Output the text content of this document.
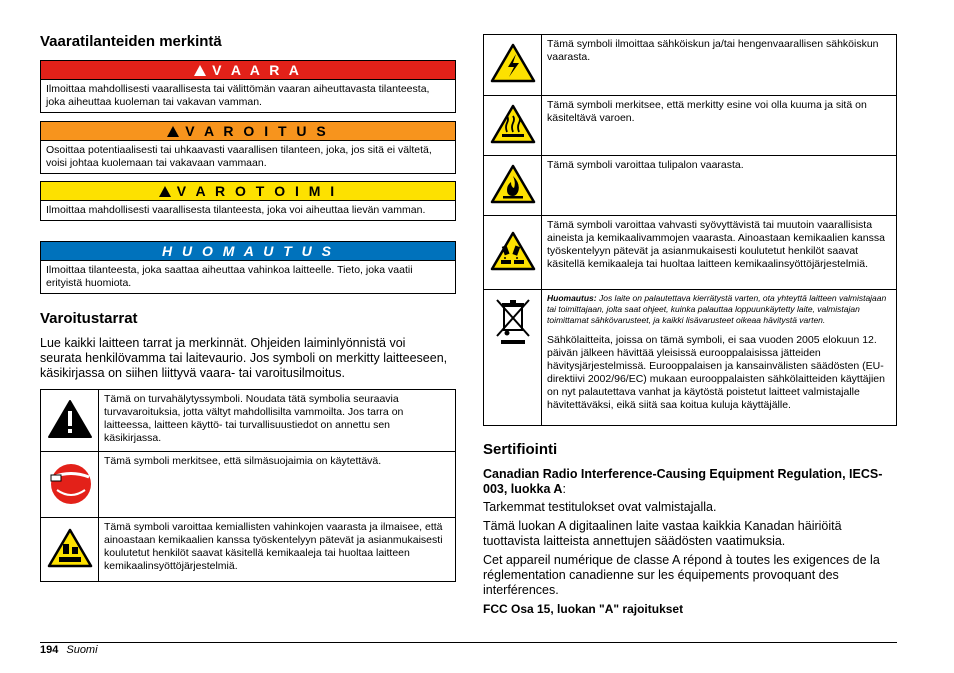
Vaaratilanteiden merkintä
V A A R A
Ilmoittaa mahdollisesti vaarallisesta tai välittömän vaaran aiheuttavasta tilanteesta, joka aiheuttaa kuoleman tai vakavan vamman.
V A R O I T U S
Osoittaa potentiaalisesti tai uhkaavasti vaarallisen tilanteen, joka, jos sitä ei vältetä, voisi johtaa kuolemaan tai vakavaan vammaan.
V A R O T O I M I
Ilmoittaa mahdollisesti vaarallisesta tilanteesta, joka voi aiheuttaa lievän vamman.
H U O M A U T U S
Ilmoittaa tilanteesta, joka saattaa aiheuttaa vahinkoa laitteelle. Tieto, joka vaatii erityistä huomiota.
Varoitustarrat

Lue kaikki laitteen tarrat ja merkinnät. Ohjeiden laiminlyönnistä voi seurata henkilövamma tai laitevaurio. Jos symboli on merkitty laitteeseen, käsikirjassa on siihen liittyvä vaara- tai varoitusilmoitus.

	Tämä on turvahälytyssymboli. Noudata tätä symbolia seuraavia turvavaroituksia, jotta vältyt mahdollisilta vammoilta. Jos tarra on laitteessa, laitteen käyttö- tai turvallisuustiedot on annettu sen käsikirjassa.
	Tämä symboli merkitsee, että silmäsuojaimia on käytettävä.
	Tämä symboli varoittaa kemiallisten vahinkojen vaarasta ja ilmaisee, että ainoastaan kemikaalien kanssa työskentelyyn pätevät ja asianmukaisesti koulutetut henkilöt saavat käsitellä kemikaaleja tai huoltaa laitteen kemikaalinsyöttöjärjestelmiä.
	Tämä symboli ilmoittaa sähköiskun ja/tai hengenvaarallisen sähköiskun vaarasta.
	Tämä symboli merkitsee, että merkitty esine voi olla kuuma ja sitä on käsiteltävä varoen.
	Tämä symboli varoittaa tulipalon vaarasta.
	Tämä symboli varoittaa vahvasti syövyttävistä tai muutoin vaarallisista aineista ja kemikaalivammojen vaarasta. Ainoastaan kemikaalien kanssa työskentelyyn pätevät ja asianmukaisesti koulutetut henkilöt saavat käsitellä kemikaaleja tai huoltaa laitteen kemikaalinsyöttöjärjestelmiä.

Huomautus: Jos laite on palautettava kierrätystä varten, ota yhteyttä laitteen valmistajaan tai toimittajaan, jolta saat ohjeet, kuinka palauttaa loppuunkäytetty laite, valmistajan toimittamat sähkövarusteet, ja kaikki lisävarusteet oikeaa hävitystä varten.
Sähkölaitteita, joissa on tämä symboli, ei saa vuoden 2005 elokuun 12. päivän jälkeen hävittää yleisissä eurooppalaisissa jätteiden hävitysjärjestelmissä. Eurooppalaisen ja kansainvälisten säädösten (EU-direktiivi 2002/96/EC) mukaan eurooppalaisten sähkölaitteiden käyttäjien on nyt palautettava vanhat ja käytöstä poistetut laitteet valmistajalle hävitettäväksi, eikä siitä saa koitua kuluja käyttäjälle.
Sertifiointi

Canadian Radio Interference-Causing Equipment Regulation, IECS-003, luokka A:

Tarkemmat testitulokset ovat valmistajalla.

Tämä luokan A digitaalinen laite vastaa kaikkia Kanadan häiriöitä tuottavista laitteista annettujen säädösten vaatimuksia.

Cet appareil numérique de classe A répond à toutes les exigences de la réglementation canadienne sur les équipements provoquant des interférences.

FCC Osa 15, luokan "A" rajoitukset

194 Suomi
